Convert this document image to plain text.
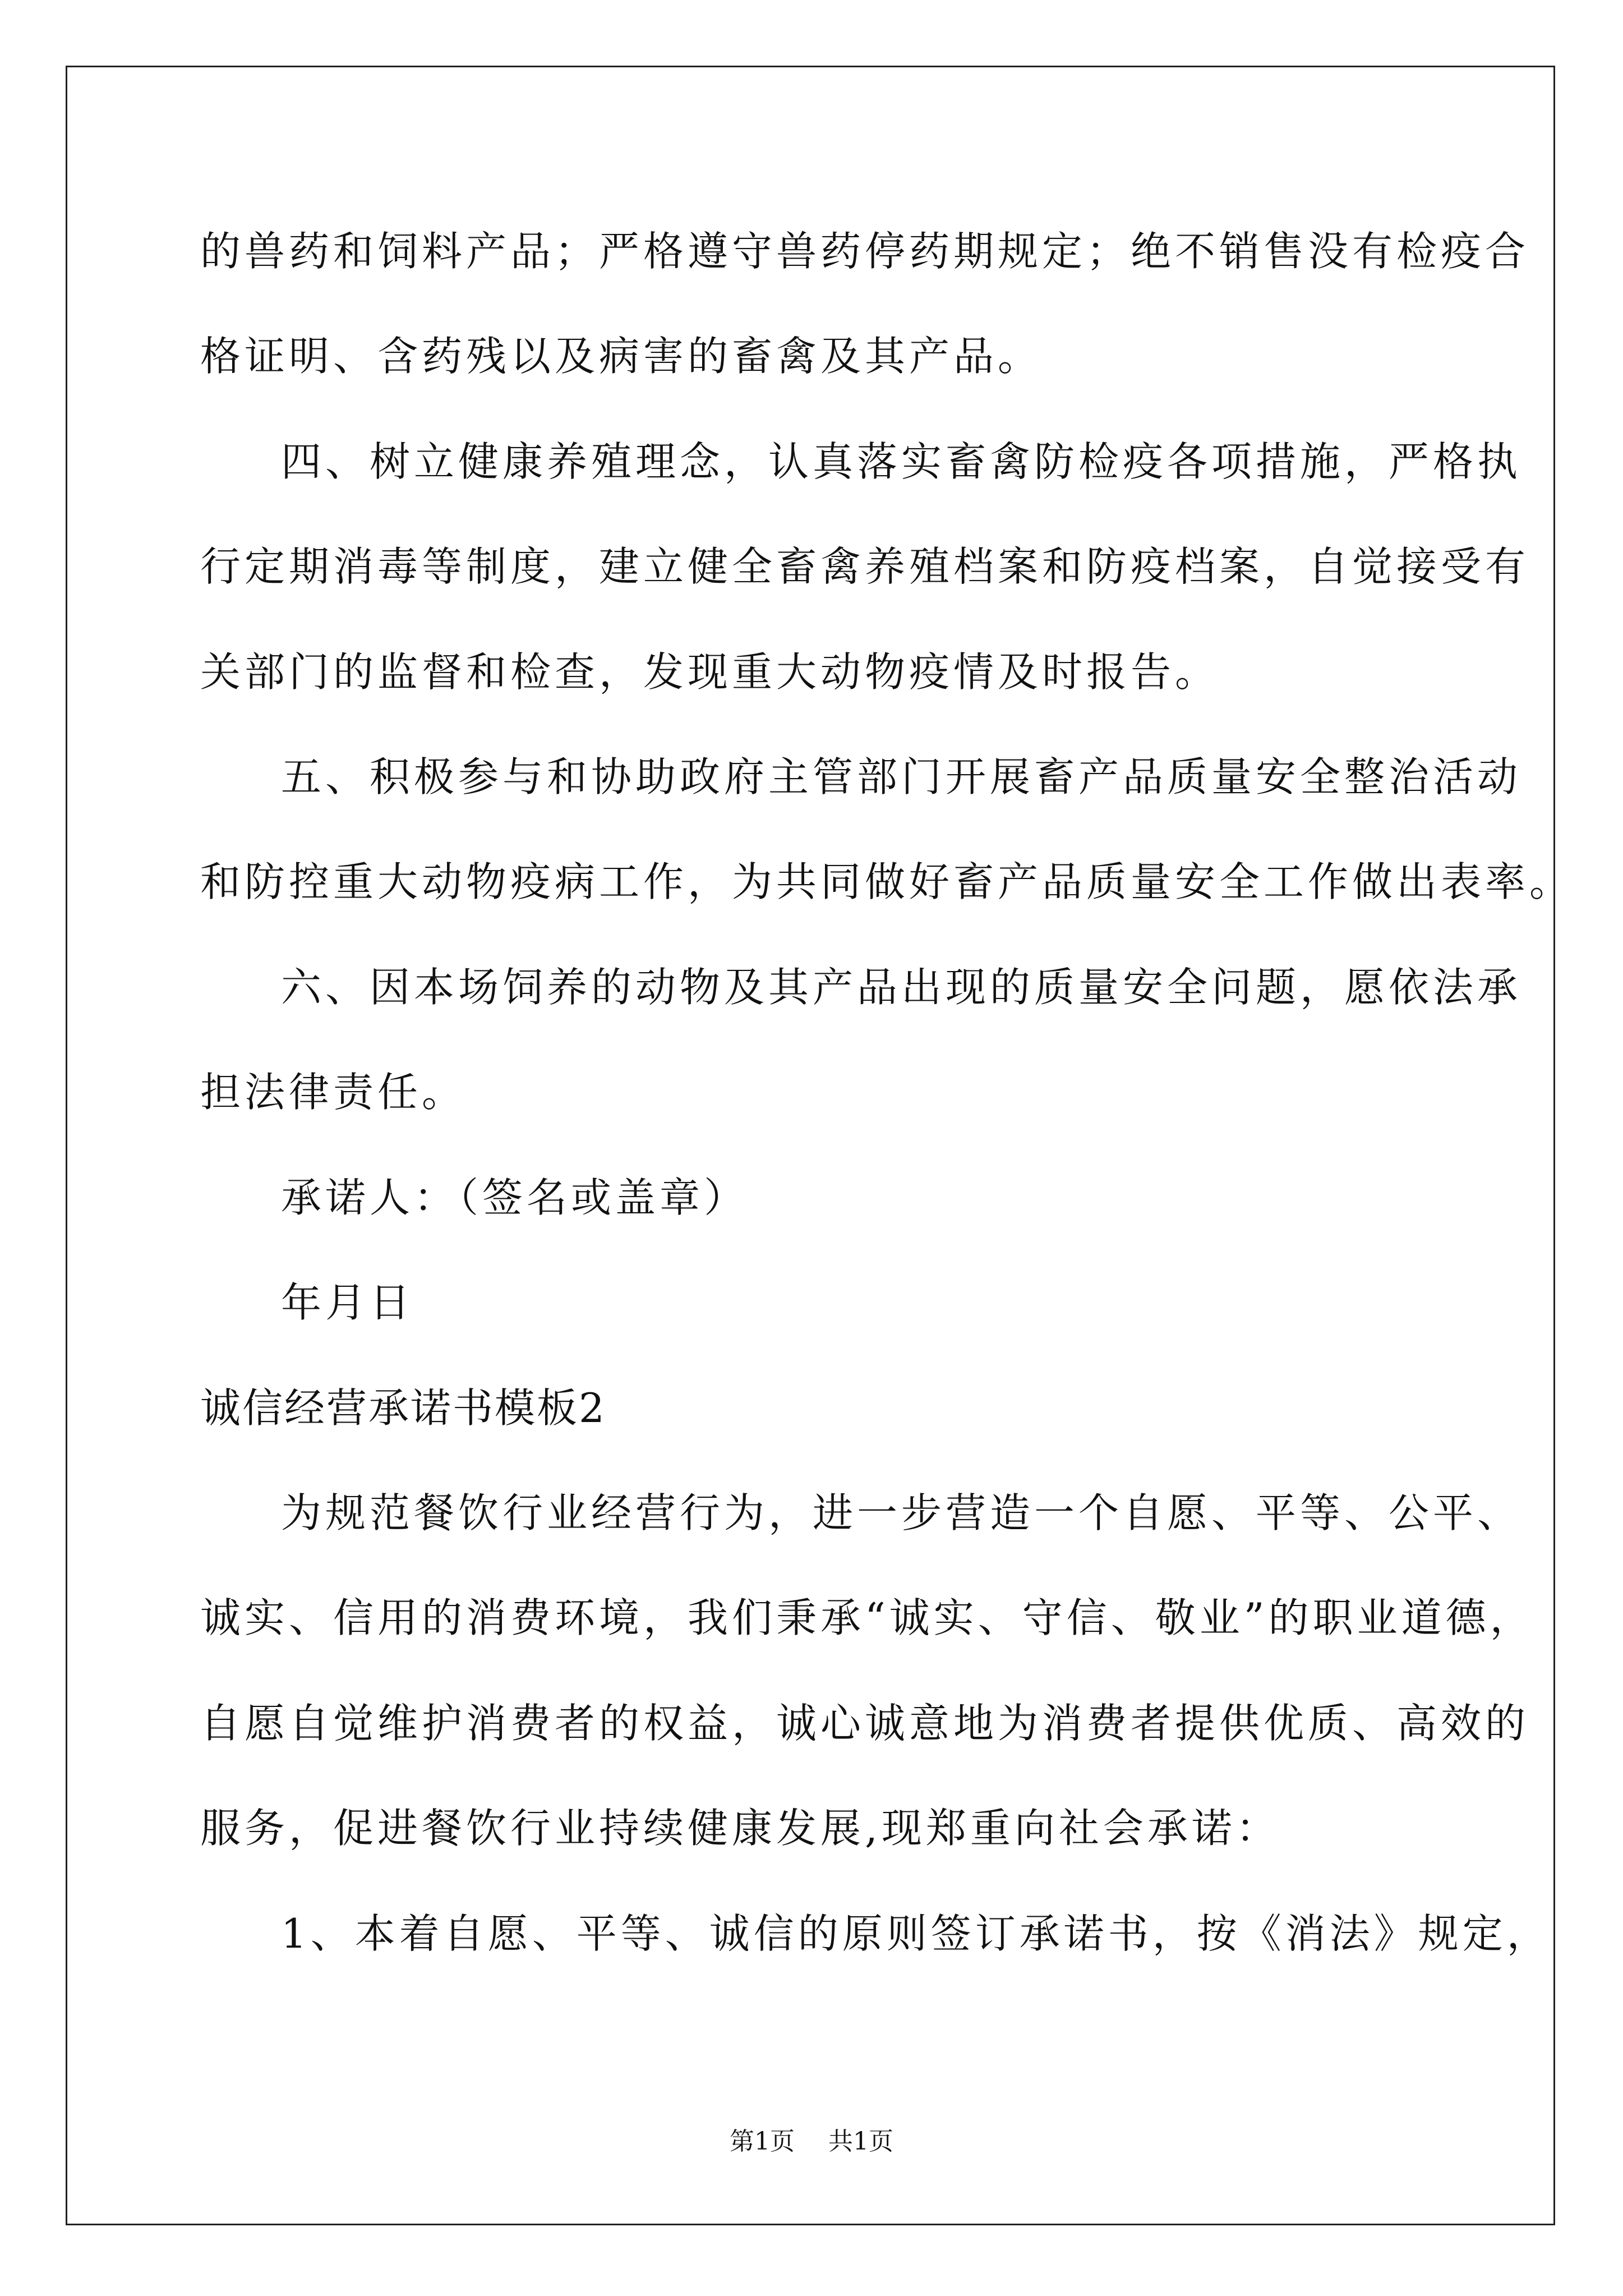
的兽药和饲料产品；严格遵守兽药停药期规定；绝不销售没有检疫合
格证明、含药残以及病害的畜禽及其产品。
四、树立健康养殖理念，认真落实畜禽防检疫各项措施，严格执
行定期消毒等制度，建立健全畜禽养殖档案和防疫档案，自觉接受有
关部门的监督和检查，发现重大动物疫情及时报告。
五、积极参与和协助政府主管部门开展畜产品质量安全整治活动
和防控重大动物疫病工作，为共同做好畜产品质量安全工作做出表率。
六、因本场饲养的动物及其产品出现的质量安全问题，愿依法承
担法律责任。
承诺人：（签名或盖章）
年月日
诚信经营承诺书模板2
为规范餐饮行业经营行为，进一步营造一个自愿、平等、公平、
诚实、信用的消费环境，我们秉承“诚实、守信、敬业”的职业道德，
自愿自觉维护消费者的权益，诚心诚意地为消费者提供优质、高效的
服务，促进餐饮行业持续健康发展,现郑重向社会承诺：
1、本着自愿、平等、诚信的原则签订承诺书，按《消法》规定，
第1页 共1页
